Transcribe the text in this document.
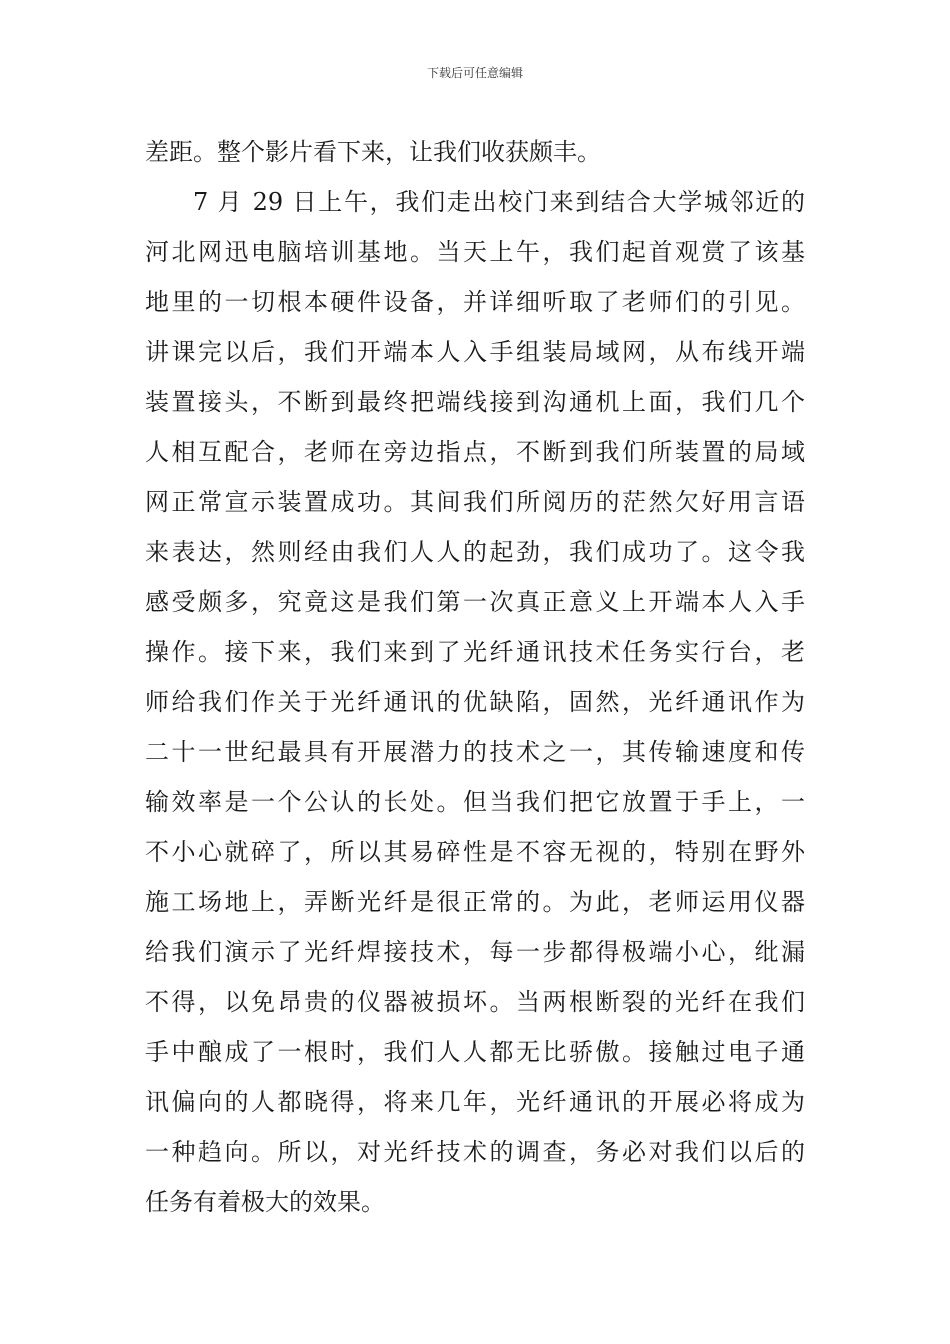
下载后可任意编辑
差距。整个影片看下来，让我们收获颇丰。
7 月 29 日上午，我们走出校门来到结合大学城邻近的
河北网迅电脑培训基地。当天上午，我们起首观赏了该基
地里的一切根本硬件设备，并详细听取了老师们的引见。
讲课完以后，我们开端本人入手组装局域网，从布线开端
装置接头，不断到最终把端线接到沟通机上面，我们几个
人相互配合，老师在旁边指点，不断到我们所装置的局域
网正常宣示装置成功。其间我们所阅历的茫然欠好用言语
来表达，然则经由我们人人的起劲，我们成功了。这令我
感受颇多，究竟这是我们第一次真正意义上开端本人入手
操作。接下来，我们来到了光纤通讯技术任务实行台，老
师给我们作关于光纤通讯的优缺陷，固然，光纤通讯作为
二十一世纪最具有开展潜力的技术之一，其传输速度和传
输效率是一个公认的长处。但当我们把它放置于手上，一
不小心就碎了，所以其易碎性是不容无视的，特别在野外
施工场地上，弄断光纤是很正常的。为此，老师运用仪器
给我们演示了光纤焊接技术，每一步都得极端小心，纰漏
不得，以免昂贵的仪器被损坏。当两根断裂的光纤在我们
手中酿成了一根时，我们人人都无比骄傲。接触过电子通
讯偏向的人都晓得，将来几年，光纤通讯的开展必将成为
一种趋向。所以，对光纤技术的调查，务必对我们以后的
任务有着极大的效果。
